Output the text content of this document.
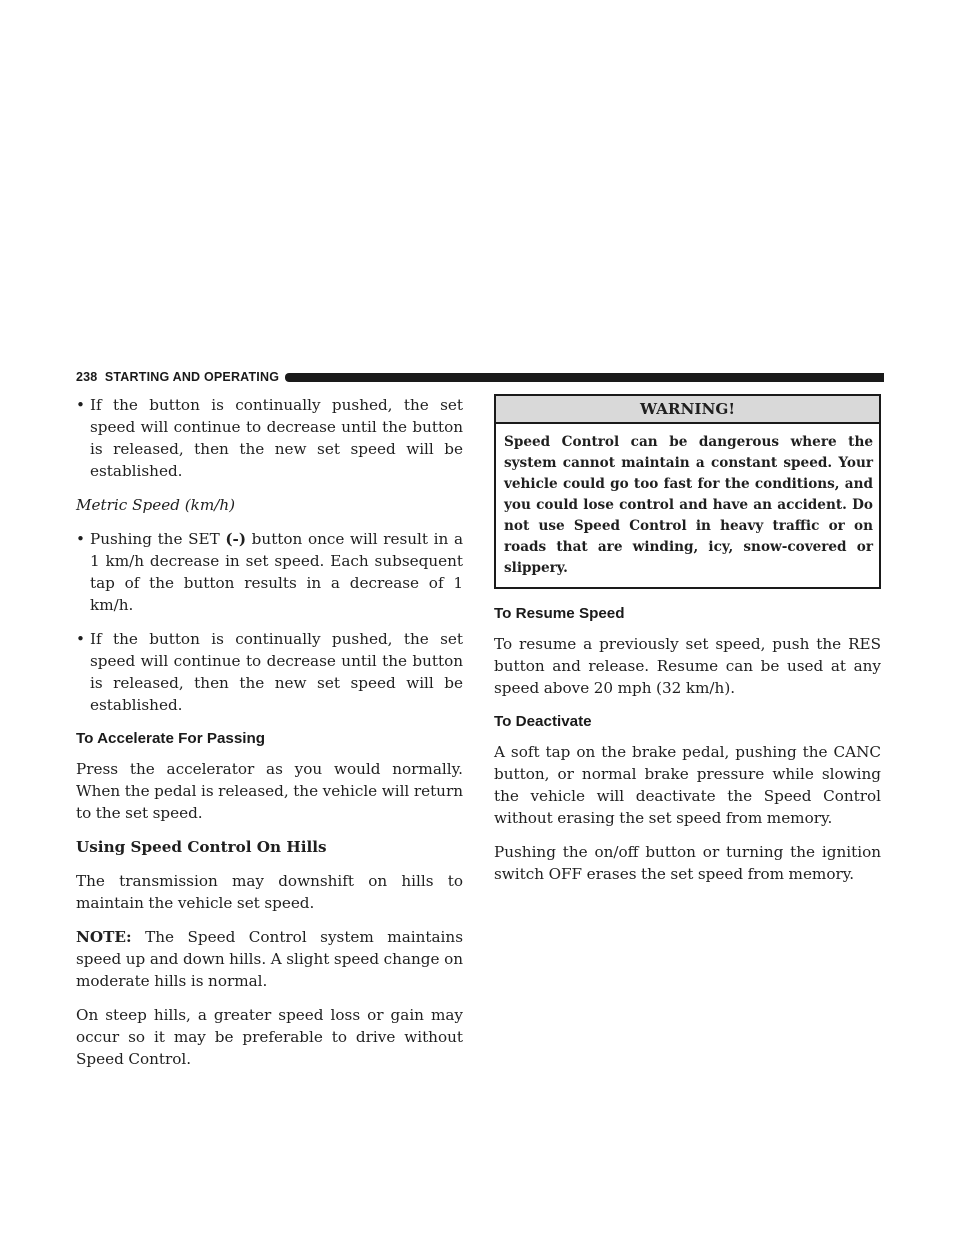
238 STARTING AND OPERATING
• If the button is continually pushed, the set speed will continue to decrease until the button is released, then the new set speed will be established.
Metric Speed (km/h)
• Pushing the SET (-) button once will result in a 1 km/h decrease in set speed. Each subsequent tap of the button results in a decrease of 1 km/h.
• If the button is continually pushed, the set speed will continue to decrease until the button is released, then the new set speed will be established.
To Accelerate For Passing

Press the accelerator as you would normally. When the pedal is released, the vehicle will return to the set speed.

Using Speed Control On Hills

The transmission may downshift on hills to maintain the vehicle set speed.

NOTE: The Speed Control system maintains speed up and down hills. A slight speed change on moderate hills is normal.

On steep hills, a greater speed loss or gain may occur so it may be preferable to drive without Speed Control.

WARNING!
Speed Control can be dangerous where the system cannot maintain a constant speed. Your vehicle could go too fast for the conditions, and you could lose control and have an accident. Do not use Speed Control in heavy traffic or on roads that are winding, icy, snow-covered or slippery.
To Resume Speed

To resume a previously set speed, push the RES button and release. Resume can be used at any speed above 20 mph (32 km/h).

To Deactivate

A soft tap on the brake pedal, pushing the CANC button, or normal brake pressure while slowing the vehicle will deactivate the Speed Control without erasing the set speed from memory.

Pushing the on/off button or turning the ignition switch OFF erases the set speed from memory.
